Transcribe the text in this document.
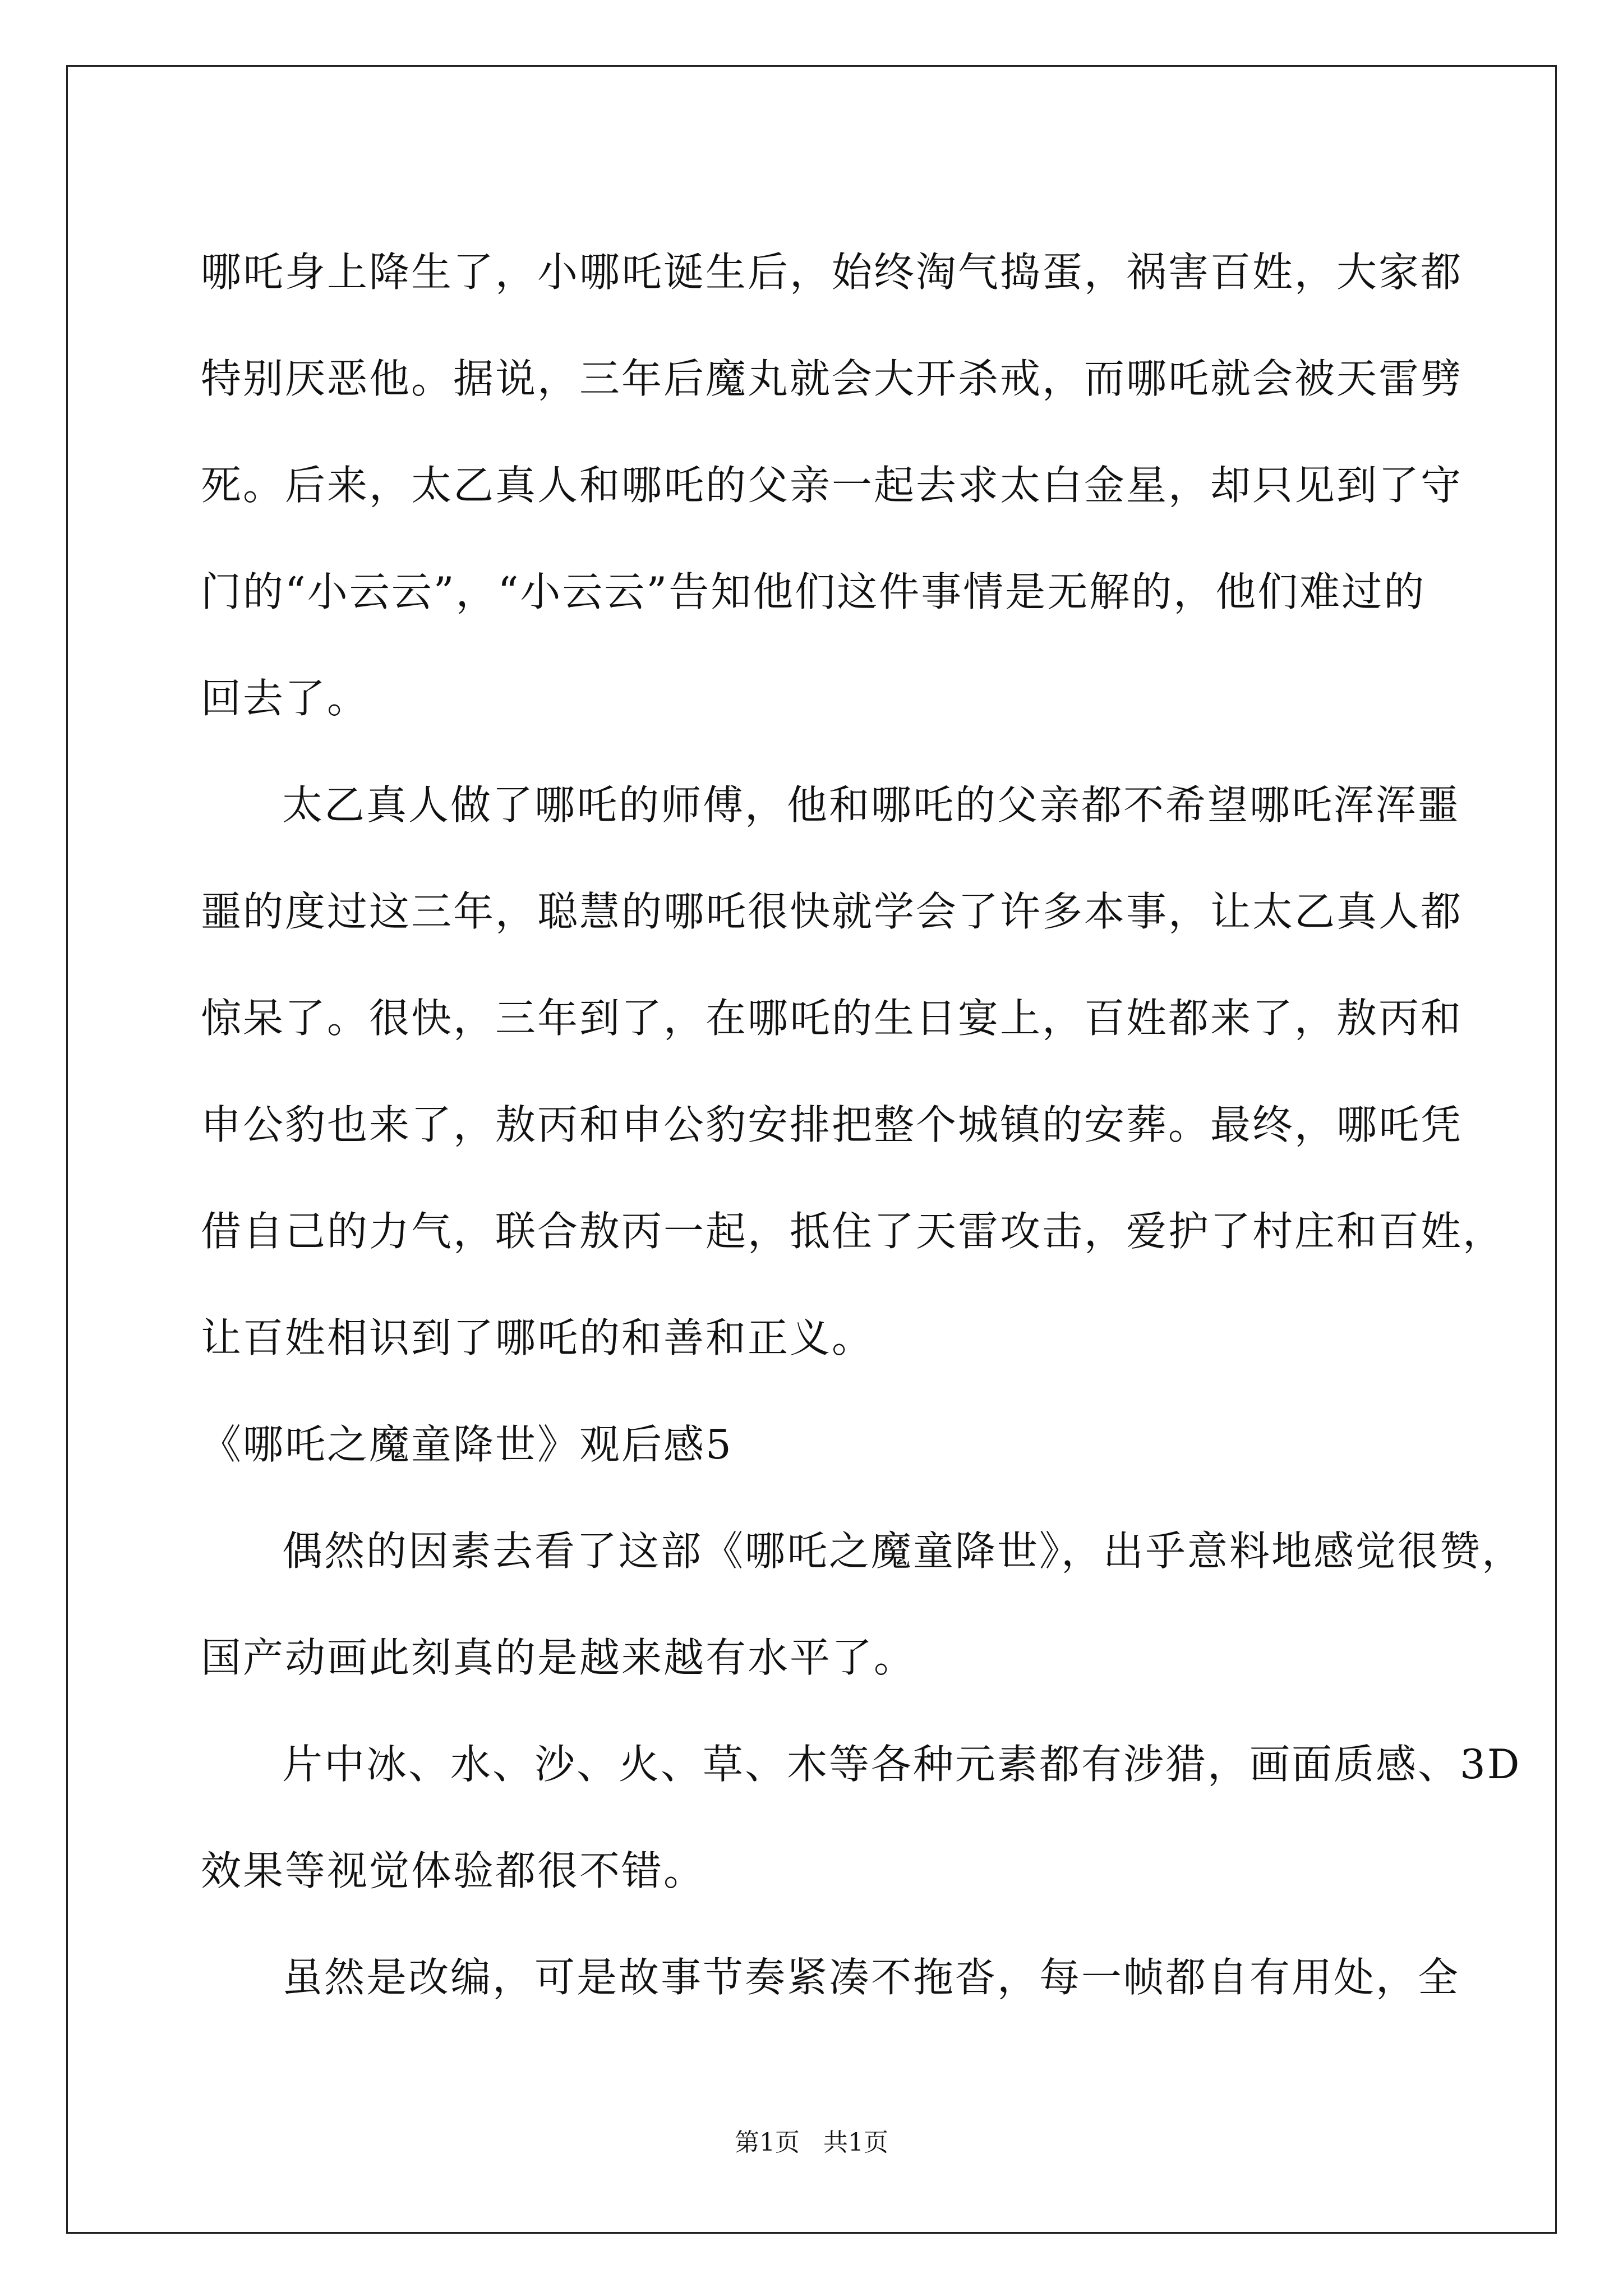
哪吒身上降生了，小哪吒诞生后，始终淘气捣蛋，祸害百姓，大家都
特别厌恶他。据说，三年后魔丸就会大开杀戒，而哪吒就会被天雷劈
死。后来，太乙真人和哪吒的父亲一起去求太白金星，却只见到了守
门的“小云云”，“小云云”告知他们这件事情是无解的，他们难过的
回去了。
太乙真人做了哪吒的师傅，他和哪吒的父亲都不希望哪吒浑浑噩
噩的度过这三年，聪慧的哪吒很快就学会了许多本事，让太乙真人都
惊呆了。很快，三年到了，在哪吒的生日宴上，百姓都来了，敖丙和
申公豹也来了，敖丙和申公豹安排把整个城镇的安葬。最终，哪吒凭
借自己的力气，联合敖丙一起，抵住了天雷攻击，爱护了村庄和百姓，
让百姓相识到了哪吒的和善和正义。
《哪吒之魔童降世》观后感5
偶然的因素去看了这部《哪吒之魔童降世》，出乎意料地感觉很赞，
国产动画此刻真的是越来越有水平了。
片中冰、水、沙、火、草、木等各种元素都有涉猎，画面质感、3D
效果等视觉体验都很不错。
虽然是改编，可是故事节奏紧凑不拖沓，每一帧都自有用处，全
第1页   共1页
